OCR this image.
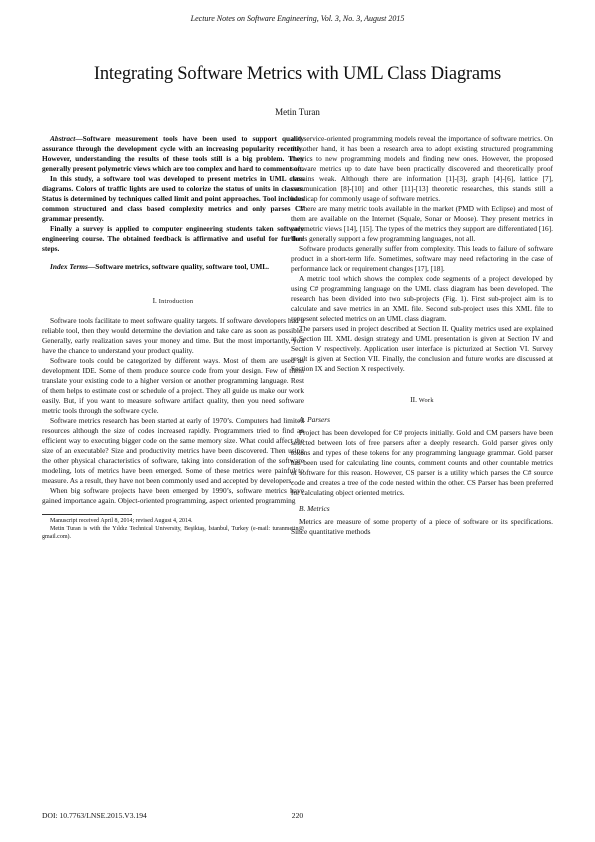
Lecture Notes on Software Engineering, Vol. 3, No. 3, August 2015
Integrating Software Metrics with UML Class Diagrams
Metin Turan

Abstract—Software measurement tools have been used to support quality assurance through the development cycle with an increasing popularity recently. However, understanding the results of these tools still is a big problem. They generally present polymetric views which are too complex and hard to comment on.

In this study, a software tool was developed to present metrics in UML class diagrams. Colors of traffic lights are used to colorize the status of units in classes. Status is determined by techniques called limit and point approaches. Tool includes common structured and class based complexity metrics and only parses C# grammar presently.

Finally a survey is applied to computer engineering students taken software engineering course. The obtained feedback is affirmative and useful for further steps.

Index Terms—Software metrics, software quality, software tool, UML.

I. Introduction

Software tools facilitate to meet software quality targets. If software developers had a reliable tool, then they would determine the deviation and take care as soon as possible. Generally, early realization saves your money and time. But the most importantly, you have the chance to understand your product quality.

Software tools could be categorized by different ways. Most of them are used as development IDE. Some of them produce source code from your design. Few of them translate your existing code to a higher version or another programming language. Rest of them helps to estimate cost or schedule of a project. They all guide us make our work easily. But, if you want to measure software artifact quality, then you need software metric tools through the software cycle.

Software metrics research has been started at early of 1970’s. Computers had limited resources although the size of codes increased rapidly. Programmers tried to find an efficient way to executing bigger code on the same memory size. What could affect the size of an executable? Size and productivity metrics have been discovered. Then using the other physical characteristics of software, taking into consideration of the software modeling, lots of metrics have been emerged. Some of these metrics were painful to measure. As a result, they have not been commonly used and accepted by developers.

When big software projects have been emerged by 1990’s, software metrics have gained importance again. Object-oriented programming, aspect oriented programming

Manuscript received April 8, 2014; revised August 4, 2014.

Metin Turan is with the Yıldız Technical University, Beşiktaş, İstanbul, Turkey (e-mail: turanmetin@ gmail.com).

and service-oriented programming models reveal the importance of software metrics. On the other hand, it has been a research area to adopt existing structured programming metrics to new programming models and finding new ones. However, the proposed software metrics up to date have been practically discovered and theoretically proof remains weak. Although there are information [1]-[3], graph [4]-[6], lattice [7], communication [8]-[10] and other [11]-[13] theoretic researches, this stands still a handicap for commonly usage of software metrics.

There are many metric tools available in the market (PMD with Eclipse) and most of them are available on the Internet (Squale, Sonar or Moose). They present metrics in polymetric views [14], [15]. The types of the metrics they support are differentiated [16]. Tools generally support a few programming languages, not all.

Software products generally suffer from complexity. This leads to failure of software product in a short-term life. Sometimes, software may need refactoring in the case of performance lack or requirement changes [17], [18].

A metric tool which shows the complex code segments of a project developed by using C# programming language on the UML class diagram has been developed. The research has been divided into two sub-projects (Fig. 1). First sub-project aim is to calculate and save metrics in an XML file. Second sub-project uses this XML file to represent selected metrics on an UML class diagram.

The parsers used in project described at Section II. Quality metrics used are explained at Section III. XML design strategy and UML presentation is given at Section IV and Section V respectively. Application user interface is picturized at Section VI. Survey result is given at Section VII. Finally, the conclusion and future works are discussed at Section IX and Section X respectively.

II. Work
A. Parsers

Project has been developed for C# projects initially. Gold and CM parsers have been selected between lots of free parsers after a deeply research. Gold parser gives only tokens and types of these tokens for any programming language grammar. Gold parser has been used for calculating line counts, comment counts and other countable metrics of software for this reason. However, CS parser is a utility which parses the C# source code and creates a tree of the code nested within the other. CS Parser has been preferred for calculating object oriented metrics.

B. Metrics

Metrics are measure of some property of a piece of software or its specifications. Since quantitative methods

DOI: 10.7763/LNSE.2015.V3.194	220
